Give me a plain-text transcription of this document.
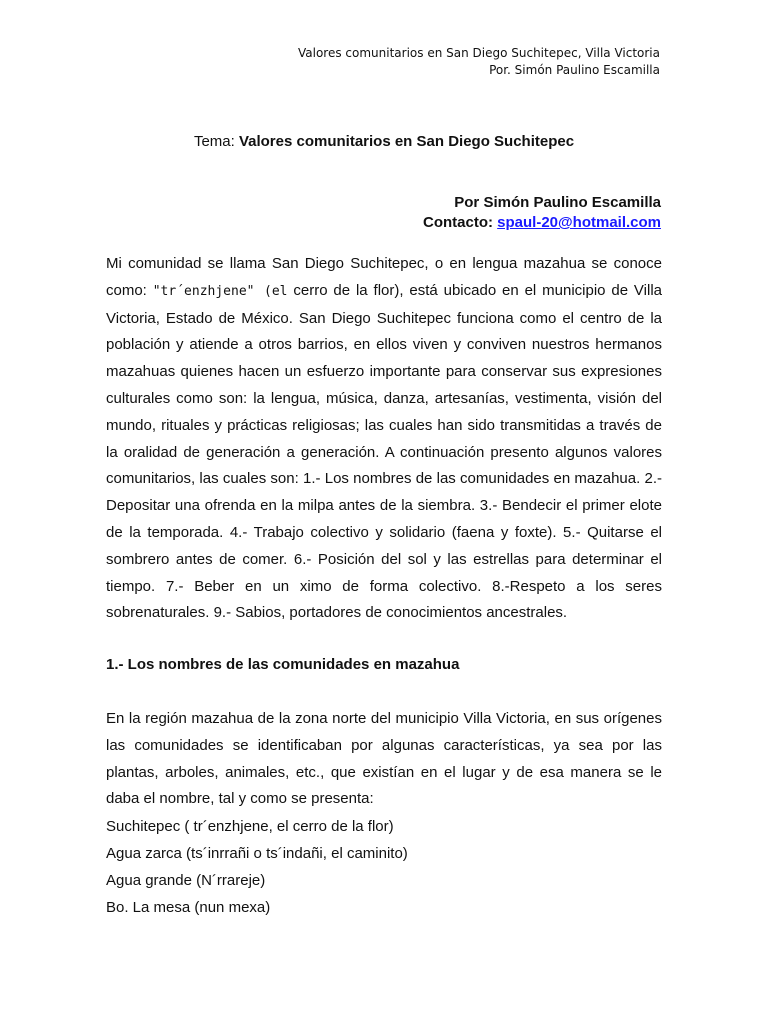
Valores comunitarios en San Diego Suchitepec, Villa Victoria
Por. Simón Paulino Escamilla
Tema: Valores comunitarios en San Diego Suchitepec
Por Simón Paulino Escamilla
Contacto: spaul-20@hotmail.com

Mi comunidad se llama San Diego Suchitepec, o en lengua mazahua se conoce como: "tr´enzhjene" (el cerro de la flor), está ubicado en el municipio de Villa Victoria, Estado de México. San Diego Suchitepec funciona como el centro de la población y atiende a otros barrios, en ellos viven y conviven nuestros hermanos mazahuas quienes hacen un esfuerzo importante para conservar sus expresiones culturales como son: la lengua, música, danza, artesanías, vestimenta, visión del mundo, rituales y prácticas religiosas; las cuales han sido transmitidas a través de la oralidad de generación a generación. A continuación presento algunos valores comunitarios, las cuales son: 1.- Los nombres de las comunidades en mazahua. 2.- Depositar una ofrenda en la milpa antes de la siembra. 3.- Bendecir el primer elote de la temporada. 4.- Trabajo colectivo y solidario (faena y foxte). 5.- Quitarse el sombrero antes de comer. 6.- Posición del sol y las estrellas para determinar el tiempo. 7.- Beber en un ximo de forma colectivo. 8.-Respeto a los seres sobrenaturales. 9.- Sabios, portadores de conocimientos ancestrales.

1.- Los nombres de las comunidades en mazahua

En la región mazahua de la zona norte del municipio Villa Victoria, en sus orígenes las comunidades se identificaban por algunas características, ya sea por las plantas, arboles, animales, etc., que existían en el lugar y de esa manera se le daba el nombre, tal y como se presenta:

Suchitepec ( tr´enzhjene, el cerro de la flor)
Agua zarca (ts´inrrañi o ts´indañi, el caminito)
Agua grande (N´rrareje)
Bo. La mesa (nun mexa)
